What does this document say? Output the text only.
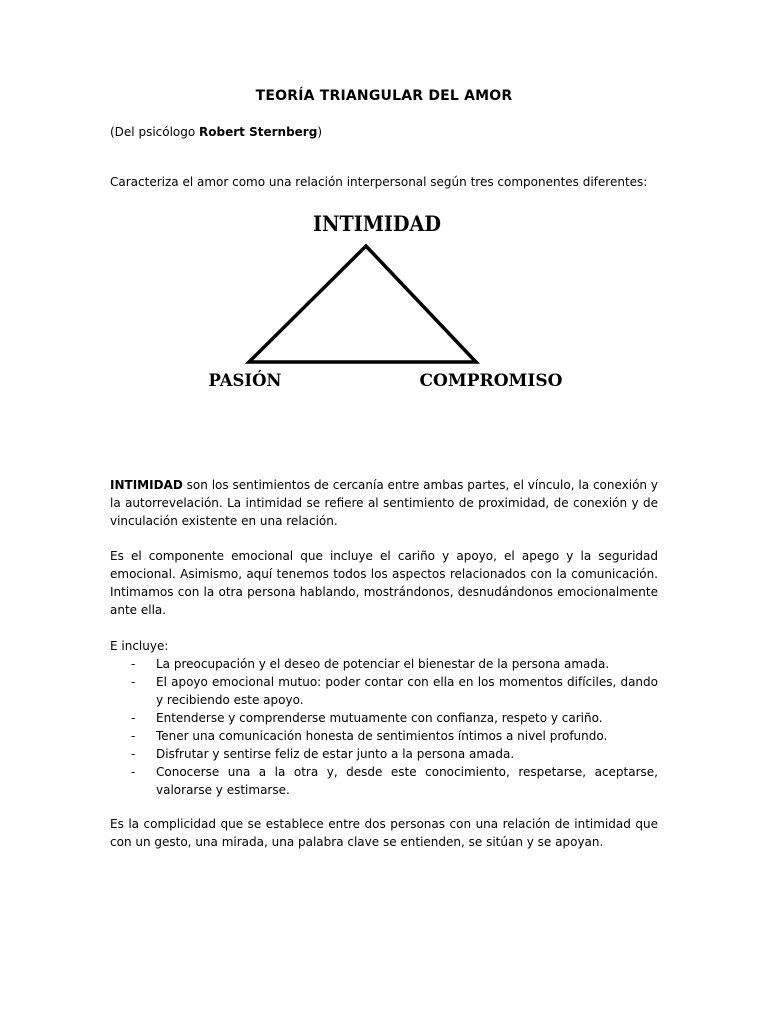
TEORÍA TRIANGULAR DEL AMOR
(Del psicólogo Robert Sternberg)
Caracteriza el amor como una relación interpersonal según tres componentes diferentes:
INTIMIDAD
PASIÓN	COMPROMISO
INTIMIDAD son los sentimientos de cercanía entre ambas partes, el vínculo, la conexión y la autorrevelación. La intimidad se refiere al sentimiento de proximidad, de conexión y de vinculación existente en una relación.
Es el componente emocional que incluye el cariño y apoyo, el apego y la seguridad emocional. Asimismo, aquí tenemos todos los aspectos relacionados con la comunicación. Intimamos con la otra persona hablando, mostrándonos, desnudándonos emocionalmente ante ella.
E incluye:
- La preocupación y el deseo de potenciar el bienestar de la persona amada.
- El apoyo emocional mutuo: poder contar con ella en los momentos difíciles, dando y recibiendo este apoyo.
- Entenderse y comprenderse mutuamente con confianza, respeto y cariño.
- Tener una comunicación honesta de sentimientos íntimos a nivel profundo.
- Disfrutar y sentirse feliz de estar junto a la persona amada.
- Conocerse una a la otra y, desde este conocimiento, respetarse, aceptarse, valorarse y estimarse.
Es la complicidad que se establece entre dos personas con una relación de intimidad que con un gesto, una mirada, una palabra clave se entienden, se sitúan y se apoyan.
